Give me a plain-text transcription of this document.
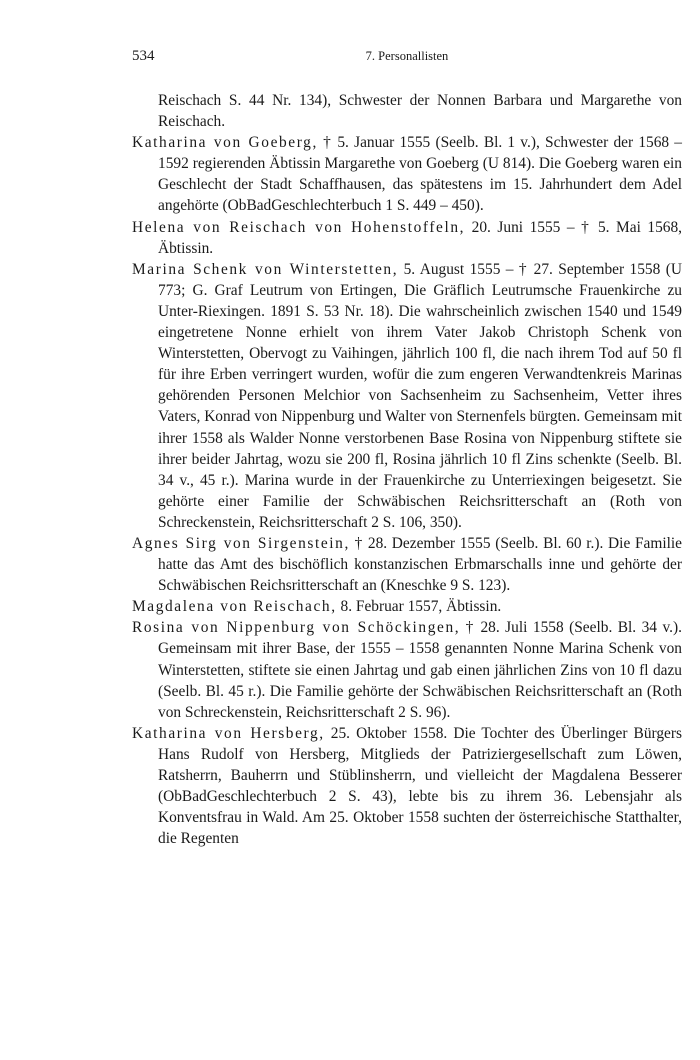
534	7. Personallisten

Reischach S. 44 Nr. 134), Schwester der Nonnen Barbara und Margarethe von Reischach.

Katharina von Goeberg, † 5. Januar 1555 (Seelb. Bl. 1 v.), Schwester der 1568 – 1592 regierenden Äbtissin Margarethe von Goeberg (U 814). Die Goeberg waren ein Geschlecht der Stadt Schaffhausen, das spätestens im 15. Jahrhundert dem Adel angehörte (ObBadGeschlechterbuch 1 S. 449 – 450).

Helena von Reischach von Hohenstoffeln, 20. Juni 1555 – † 5. Mai 1568, Äbtissin.

Marina Schenk von Winterstetten, 5. August 1555 – † 27. September 1558 (U 773; G. Graf Leutrum von Ertingen, Die Gräflich Leutrumsche Frauenkirche zu Unter-Riexingen. 1891 S. 53 Nr. 18). Die wahrscheinlich zwischen 1540 und 1549 eingetretene Nonne erhielt von ihrem Vater Jakob Christoph Schenk von Winterstetten, Obervogt zu Vaihingen, jährlich 100 fl, die nach ihrem Tod auf 50 fl für ihre Erben verringert wurden, wofür die zum engeren Verwandtenkreis Marinas gehörenden Personen Melchior von Sachsenheim zu Sachsenheim, Vetter ihres Vaters, Konrad von Nippenburg und Walter von Sternenfels bürgten. Gemeinsam mit ihrer 1558 als Walder Nonne verstorbenen Base Rosina von Nippenburg stiftete sie ihrer beider Jahrtag, wozu sie 200 fl, Rosina jährlich 10 fl Zins schenkte (Seelb. Bl. 34 v., 45 r.). Marina wurde in der Frauenkirche zu Unterriexingen beigesetzt. Sie gehörte einer Familie der Schwäbischen Reichsritterschaft an (Roth von Schreckenstein, Reichsritterschaft 2 S. 106, 350).

Agnes Sirg von Sirgenstein, † 28. Dezember 1555 (Seelb. Bl. 60 r.). Die Familie hatte das Amt des bischöflich konstanzischen Erbmarschalls inne und gehörte der Schwäbischen Reichsritterschaft an (Kneschke 9 S. 123).

Magdalena von Reischach, 8. Februar 1557, Äbtissin.

Rosina von Nippenburg von Schöckingen, † 28. Juli 1558 (Seelb. Bl. 34 v.). Gemeinsam mit ihrer Base, der 1555 – 1558 genannten Nonne Marina Schenk von Winterstetten, stiftete sie einen Jahrtag und gab einen jährlichen Zins von 10 fl dazu (Seelb. Bl. 45 r.). Die Familie gehörte der Schwäbischen Reichsritterschaft an (Roth von Schreckenstein, Reichsritterschaft 2 S. 96).

Katharina von Hersberg, 25. Oktober 1558. Die Tochter des Überlinger Bürgers Hans Rudolf von Hersberg, Mitglieds der Patriziergesellschaft zum Löwen, Ratsherrn, Bauherrn und Stüblinsherrn, und vielleicht der Magdalena Besserer (ObBadGeschlechterbuch 2 S. 43), lebte bis zu ihrem 36. Lebensjahr als Konventsfrau in Wald. Am 25. Oktober 1558 suchten der österreichische Statthalter, die Regenten
